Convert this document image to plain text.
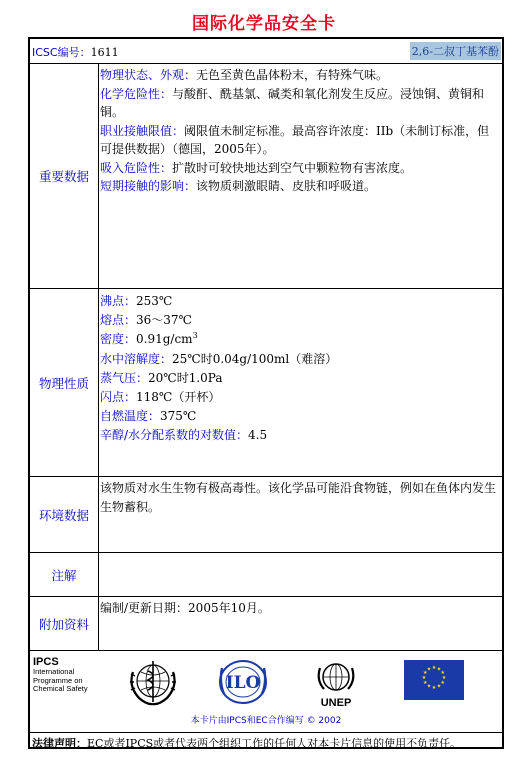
国际化学品安全卡
ICSC编号：1611	2,6-二叔丁基苯酚
重要数据
物理状态、外观：无色至黄色晶体粉末，有特殊气味。
化学危险性：与酸酐、酰基氯、碱类和氧化剂发生反应。浸蚀铜、黄铜和铜。
职业接触限值：阈限值未制定标准。最高容许浓度：IIb（未制订标准，但可提供数据）（德国，2005年）。
吸入危险性：扩散时可较快地达到空气中颗粒物有害浓度。
短期接触的影响：该物质刺激眼睛、皮肤和呼吸道。
物理性质
沸点：253℃
熔点：36～37℃
密度：$0.91g/cm^3$
水中溶解度：25℃时0.04g/100ml（难溶）
蒸气压：20℃时1.0Pa
闪点：118℃（开杯）
自燃温度：375℃
辛醇/水分配系数的对数值：4.5
环境数据
该物质对水生生物有极高毒性。该化学品可能沿食物链，例如在鱼体内发生生物蓄积。
注解
附加资料
编制/更新日期：2005年10月。
IPCS
International
Programme on
Chemical Safety	ILO
UNEP
★ ★
★
★
★
★
★
★
★
★
★
★
本卡片由IPCS和EC合作编写 © 2002
法律声明：EC或者IPCS或者代表两个组织工作的任何人对本卡片信息的使用不负责任。
